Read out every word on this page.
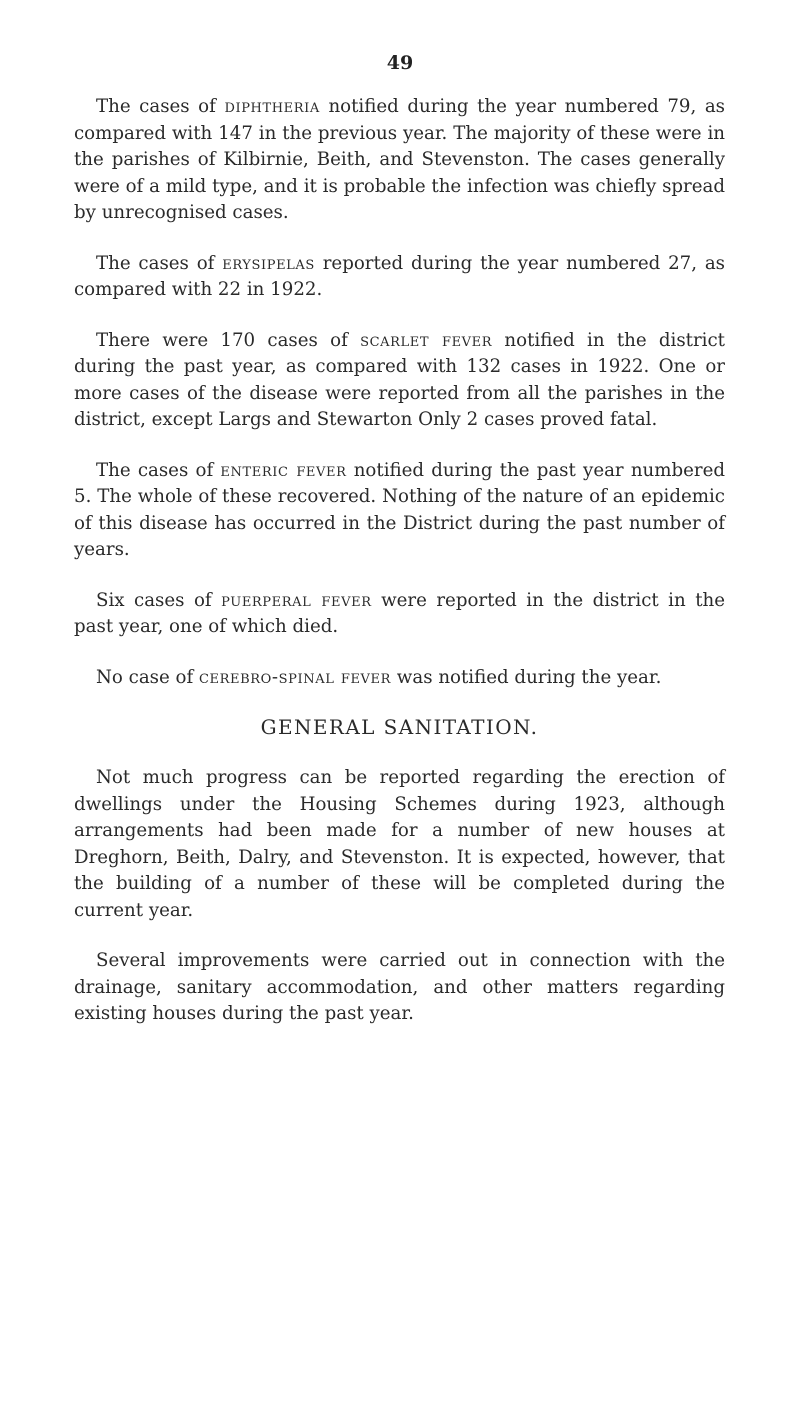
49

The cases of diphtheria notified during the year numbered 79, as compared with 147 in the previous year. The majority of these were in the parishes of Kilbirnie, Beith, and Stevenston. The cases generally were of a mild type, and it is probable the infection was chiefly spread by unrecognised cases.

The cases of erysipelas reported during the year numbered 27, as compared with 22 in 1922.

There were 170 cases of scarlet fever notified in the district during the past year, as compared with 132 cases in 1922. One or more cases of the disease were reported from all the parishes in the district, except Largs and Stewarton Only 2 cases proved fatal.

The cases of enteric fever notified during the past year numbered 5. The whole of these recovered. Nothing of the nature of an epidemic of this disease has occurred in the District during the past number of years.

Six cases of puerperal fever were reported in the district in the past year, one of which died.

No case of cerebro-spinal fever was notified during the year.

GENERAL SANITATION.

Not much progress can be reported regarding the erection of dwellings under the Housing Schemes during 1923, although arrangements had been made for a number of new houses at Dreghorn, Beith, Dalry, and Stevenston. It is expected, however, that the building of a number of these will be completed during the current year.

Several improvements were carried out in connection with the drainage, sanitary accommodation, and other matters regarding existing houses during the past year.
